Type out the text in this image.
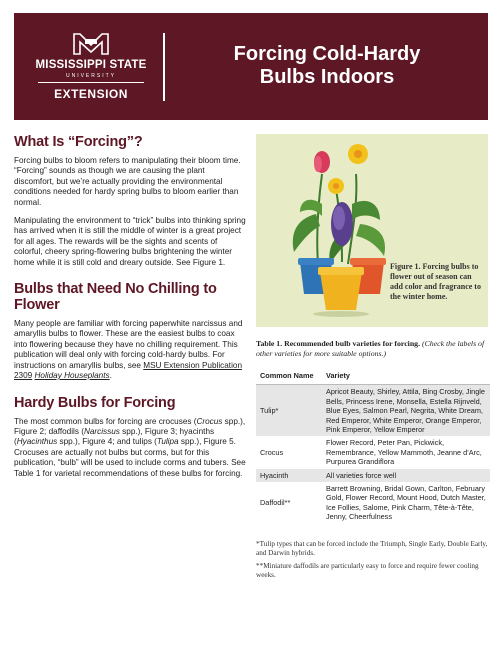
MISSISSIPPI STATE
UNIVERSITY
EXTENSION
Forcing Cold-Hardy
Bulbs Indoors
What Is “Forcing”?

Forcing bulbs to bloom refers to manipulating their bloom time. “Forcing” sounds as though we are causing the plant discomfort, but we’re actually providing the environmental conditions needed for hardy spring bulbs to bloom earlier than normal.

Manipulating the environment to “trick” bulbs into thinking spring has arrived when it is still the middle of winter is a great project for all ages. The rewards will be the sights and scents of colorful, cheery spring-flowering bulbs brightening the winter home while it is still cold and dreary outside. See Figure 1.

Bulbs that Need No Chilling to Flower

Many people are familiar with forcing paperwhite narcissus and amaryllis bulbs to flower. These are the easiest bulbs to coax into flowering because they have no chilling requirement. This publication will deal only with forcing cold-hardy bulbs. For instructions on amaryllis bulbs, see MSU Extension Publication 2309 Holiday Houseplants.

Hardy Bulbs for Forcing

The most common bulbs for forcing are crocuses (Crocus spp.), Figure 2; daffodils (Narcissus spp.), Figure 3; hyacinths (Hyacinthus spp.), Figure 4; and tulips (Tulipa spp.), Figure 5. Crocuses are actually not bulbs but corms, but for this publication, “bulb” will be used to include corms and tubers. See Table 1 for varietal recommendations of these bulbs for forcing.

Figure 1. Forcing bulbs to flower out of season can add color and fragrance to the winter home.
Table 1. Recommended bulb varieties for forcing. (Check the labels of other varieties for more suitable options.)
Common Name	Variety
Tulip*	Apricot Beauty, Shirley, Attila, Bing Crosby, Jingle Bells, Princess Irene, Monsella, Estella Rijnveld, Blue Eyes, Salmon Pearl, Negrita, White Dream, Red Emperor, White Emperor, Orange Emperor, Pink Emperor, Yellow Emperor
Crocus	Flower Record, Peter Pan, Pickwick, Remembrance, Yellow Mammoth, Jeanne d’Arc, Purpurea Grandiflora
Hyacinth	All varieties force well
Daffodil**	Barrett Browning, Bridal Gown, Carlton, February Gold, Flower Record, Mount Hood, Dutch Master, Ice Follies, Salome, Pink Charm, Tête-à-Tête, Jenny, Cheerfulness
*Tulip types that can be forced include the Triumph, Single Early, Double Early, and Darwin hybrids.
**Miniature daffodils are particularly easy to force and require fewer cooling weeks.
